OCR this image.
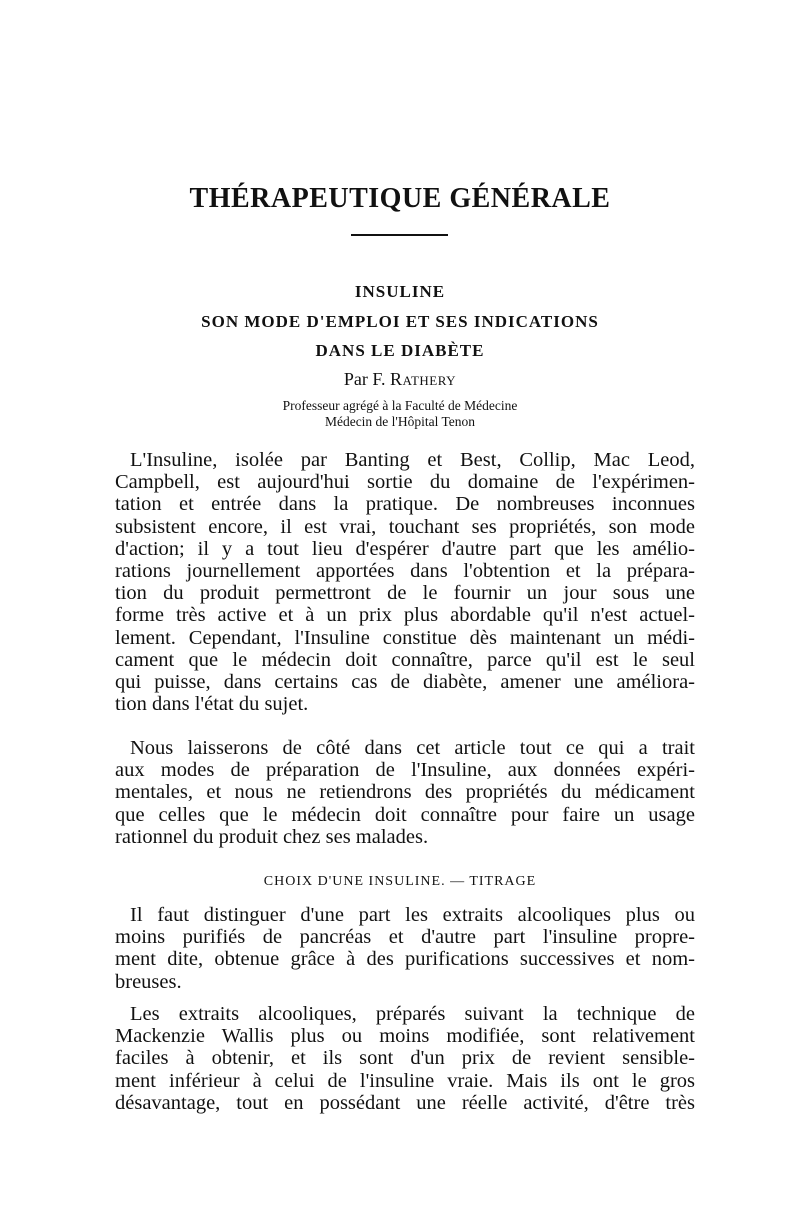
THÉRAPEUTIQUE GÉNÉRALE
INSULINE
SON MODE D'EMPLOI ET SES INDICATIONS
DANS LE DIABÈTE
Par F. Rathery
Professeur agrégé à la Faculté de Médecine
Médecin de l'Hôpital Tenon
L'Insuline, isolée par Banting et Best, Collip, Mac Leod,
Campbell, est aujourd'hui sortie du domaine de l'expérimen-
tation et entrée dans la pratique. De nombreuses inconnues
subsistent encore, il est vrai, touchant ses propriétés, son mode
d'action; il y a tout lieu d'espérer d'autre part que les amélio-
rations journellement apportées dans l'obtention et la prépara-
tion du produit permettront de le fournir un jour sous une
forme très active et à un prix plus abordable qu'il n'est actuel-
lement. Cependant, l'Insuline constitue dès maintenant un médi-
cament que le médecin doit connaître, parce qu'il est le seul
qui puisse, dans certains cas de diabète, amener une améliora-
tion dans l'état du sujet.
Nous laisserons de côté dans cet article tout ce qui a trait
aux modes de préparation de l'Insuline, aux données expéri-
mentales, et nous ne retiendrons des propriétés du médicament
que celles que le médecin doit connaître pour faire un usage
rationnel du produit chez ses malades.
CHOIX D'UNE INSULINE. — TITRAGE
Il faut distinguer d'une part les extraits alcooliques plus ou
moins purifiés de pancréas et d'autre part l'insuline propre-
ment dite, obtenue grâce à des purifications successives et nom-
breuses.
Les extraits alcooliques, préparés suivant la technique de
Mackenzie Wallis plus ou moins modifiée, sont relativement
faciles à obtenir, et ils sont d'un prix de revient sensible-
ment inférieur à celui de l'insuline vraie. Mais ils ont le gros
désavantage, tout en possédant une réelle activité, d'être très
